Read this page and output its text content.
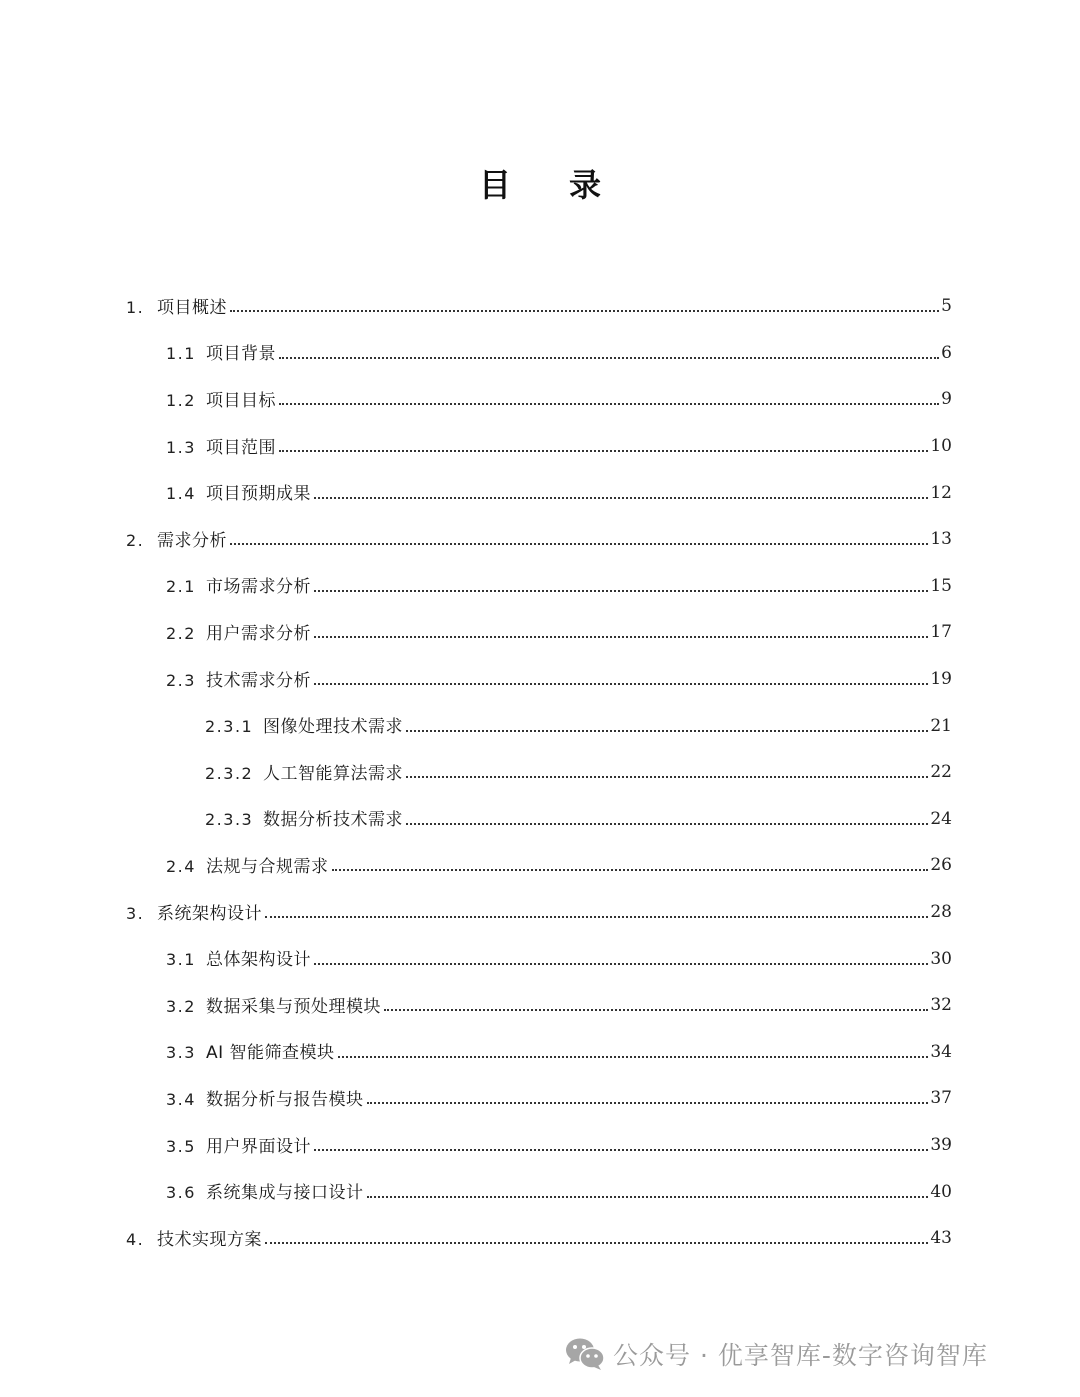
目 录
1. 项目概述	5
1.1 项目背景	6
1.2 项目目标	9
1.3 项目范围	10
1.4 项目预期成果	12
2. 需求分析	13
2.1 市场需求分析	15
2.2 用户需求分析	17
2.3 技术需求分析	19
2.3.1 图像处理技术需求	21
2.3.2 人工智能算法需求	22
2.3.3 数据分析技术需求	24
2.4 法规与合规需求	26
3. 系统架构设计	28
3.1 总体架构设计	30
3.2 数据采集与预处理模块	32
3.3 AI 智能筛查模块	34
3.4 数据分析与报告模块	37
3.5 用户界面设计	39
3.6 系统集成与接口设计	40
4. 技术实现方案	43
公众号 · 优享智库-数字咨询智库
